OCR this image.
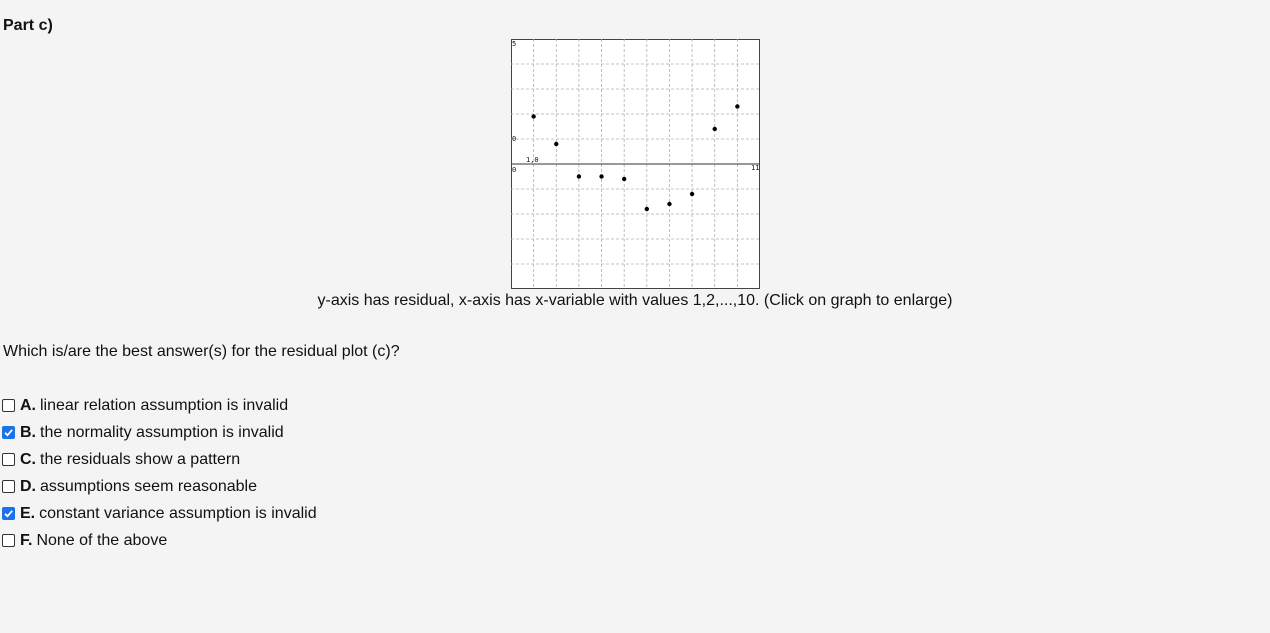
Part c)
5
0
1,0
0	11
y-axis has residual, x-axis has x-variable with values 1,2,...,10. (Click on graph to enlarge)
Which is/are the best answer(s) for the residual plot (c)?
A. linear relation assumption is invalid
B. the normality assumption is invalid
C. the residuals show a pattern
D. assumptions seem reasonable
E. constant variance assumption is invalid
F. None of the above
